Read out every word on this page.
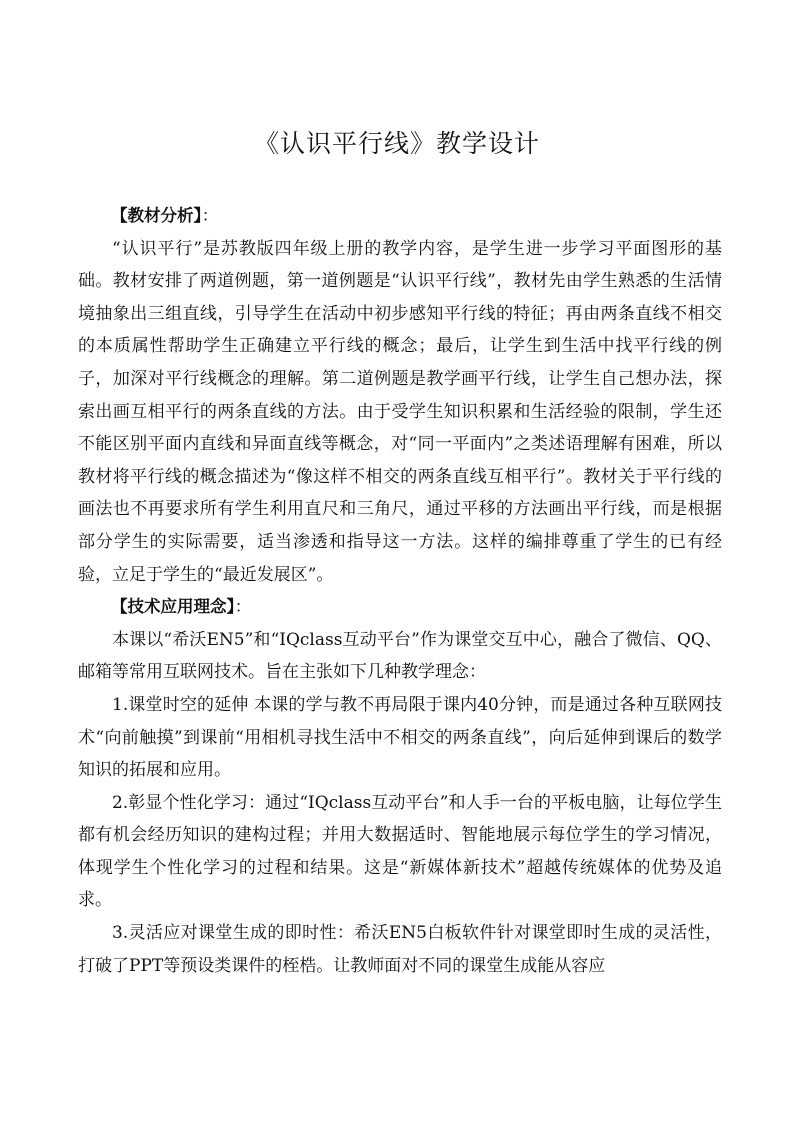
《认识平行线》教学设计
【教材分析】：

“认识平行”是苏教版四年级上册的教学内容，是学生进一步学习平面图形的基础。教材安排了两道例题，第一道例题是“认识平行线”，教材先由学生熟悉的生活情境抽象出三组直线，引导学生在活动中初步感知平行线的特征；再由两条直线不相交的本质属性帮助学生正确建立平行线的概念；最后，让学生到生活中找平行线的例子，加深对平行线概念的理解。第二道例题是教学画平行线，让学生自己想办法，探索出画互相平行的两条直线的方法。由于受学生知识积累和生活经验的限制，学生还不能区别平面内直线和异面直线等概念，对“同一平面内”之类述语理解有困难，所以教材将平行线的概念描述为“像这样不相交的两条直线互相平行”。教材关于平行线的画法也不再要求所有学生利用直尺和三角尺，通过平移的方法画出平行线，而是根据部分学生的实际需要，适当渗透和指导这一方法。这样的编排尊重了学生的已有经验，立足于学生的“最近发展区”。

【技术应用理念】：

本课以“希沃EN5”和“IQclass互动平台”作为课堂交互中心，融合了微信、QQ、邮箱等常用互联网技术。旨在主张如下几种教学理念：

1.课堂时空的延伸 本课的学与教不再局限于课内40分钟，而是通过各种互联网技术“向前触摸”到课前“用相机寻找生活中不相交的两条直线”，向后延伸到课后的数学知识的拓展和应用。

2.彰显个性化学习：通过“IQclass互动平台”和人手一台的平板电脑，让每位学生都有机会经历知识的建构过程；并用大数据适时、智能地展示每位学生的学习情况，体现学生个性化学习的过程和结果。这是“新媒体新技术”超越传统媒体的优势及追求。

3.灵活应对课堂生成的即时性：希沃EN5白板软件针对课堂即时生成的灵活性，打破了PPT等预设类课件的桎梏。让教师面对不同的课堂生成能从容应
